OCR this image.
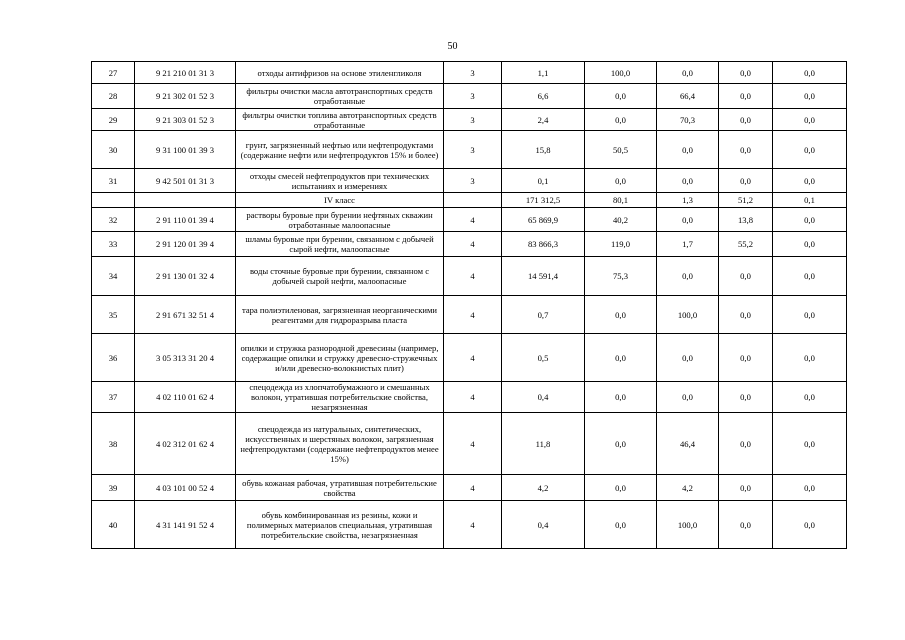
50
27	9 21 210 01 31 3	отходы антифризов на основе этиленгликоля	3	1,1	100,0	0,0	0,0	0,0
28	9 21 302 01 52 3	фильтры очистки масла автотранспортных средств отработанные	3	6,6	0,0	66,4	0,0	0,0
29	9 21 303 01 52 3	фильтры очистки топлива автотранспортных средств отработанные	3	2,4	0,0	70,3	0,0	0,0
30	9 31 100 01 39 3	грунт, загрязненный нефтью или нефтепродуктами (содержание нефти или нефтепродуктов 15% и более)	3	15,8	50,5	0,0	0,0	0,0
31	9 42 501 01 31 3	отходы смесей нефтепродуктов при технических испытаниях и измерениях	3	0,1	0,0	0,0	0,0	0,0
		IV класс		171 312,5	80,1	1,3	51,2	0,1
32	2 91 110 01 39 4	растворы буровые при бурении нефтяных скважин отработанные малоопасные	4	65 869,9	40,2	0,0	13,8	0,0
33	2 91 120 01 39 4	шламы буровые при бурении, связанном с добычей сырой нефти, малоопасные	4	83 866,3	119,0	1,7	55,2	0,0
34	2 91 130 01 32 4	воды сточные буровые при бурении, связанном с добычей сырой нефти, малоопасные	4	14 591,4	75,3	0,0	0,0	0,0
35	2 91 671 32 51 4	тара полиэтиленовая, загрязненная неорганическими реагентами для гидроразрыва пласта	4	0,7	0,0	100,0	0,0	0,0
36	3 05 313 31 20 4	опилки и стружка разнородной древесины (например, содержащие опилки и стружку древесно-стружечных и/или древесно-волокнистых плит)	4	0,5	0,0	0,0	0,0	0,0
37	4 02 110 01 62 4	спецодежда из хлопчатобумажного и смешанных волокон, утратившая потребительские свойства, незагрязненная	4	0,4	0,0	0,0	0,0	0,0
38	4 02 312 01 62 4	спецодежда из натуральных, синтетических, искусственных и шерстяных волокон, загрязненная нефтепродуктами (содержание нефтепродуктов менее 15%)	4	11,8	0,0	46,4	0,0	0,0
39	4 03 101 00 52 4	обувь кожаная рабочая, утратившая потребительские свойства	4	4,2	0,0	4,2	0,0	0,0
40	4 31 141 91 52 4	обувь комбинированная из резины, кожи и полимерных материалов специальная, утратившая потребительские свойства, незагрязненная	4	0,4	0,0	100,0	0,0	0,0
